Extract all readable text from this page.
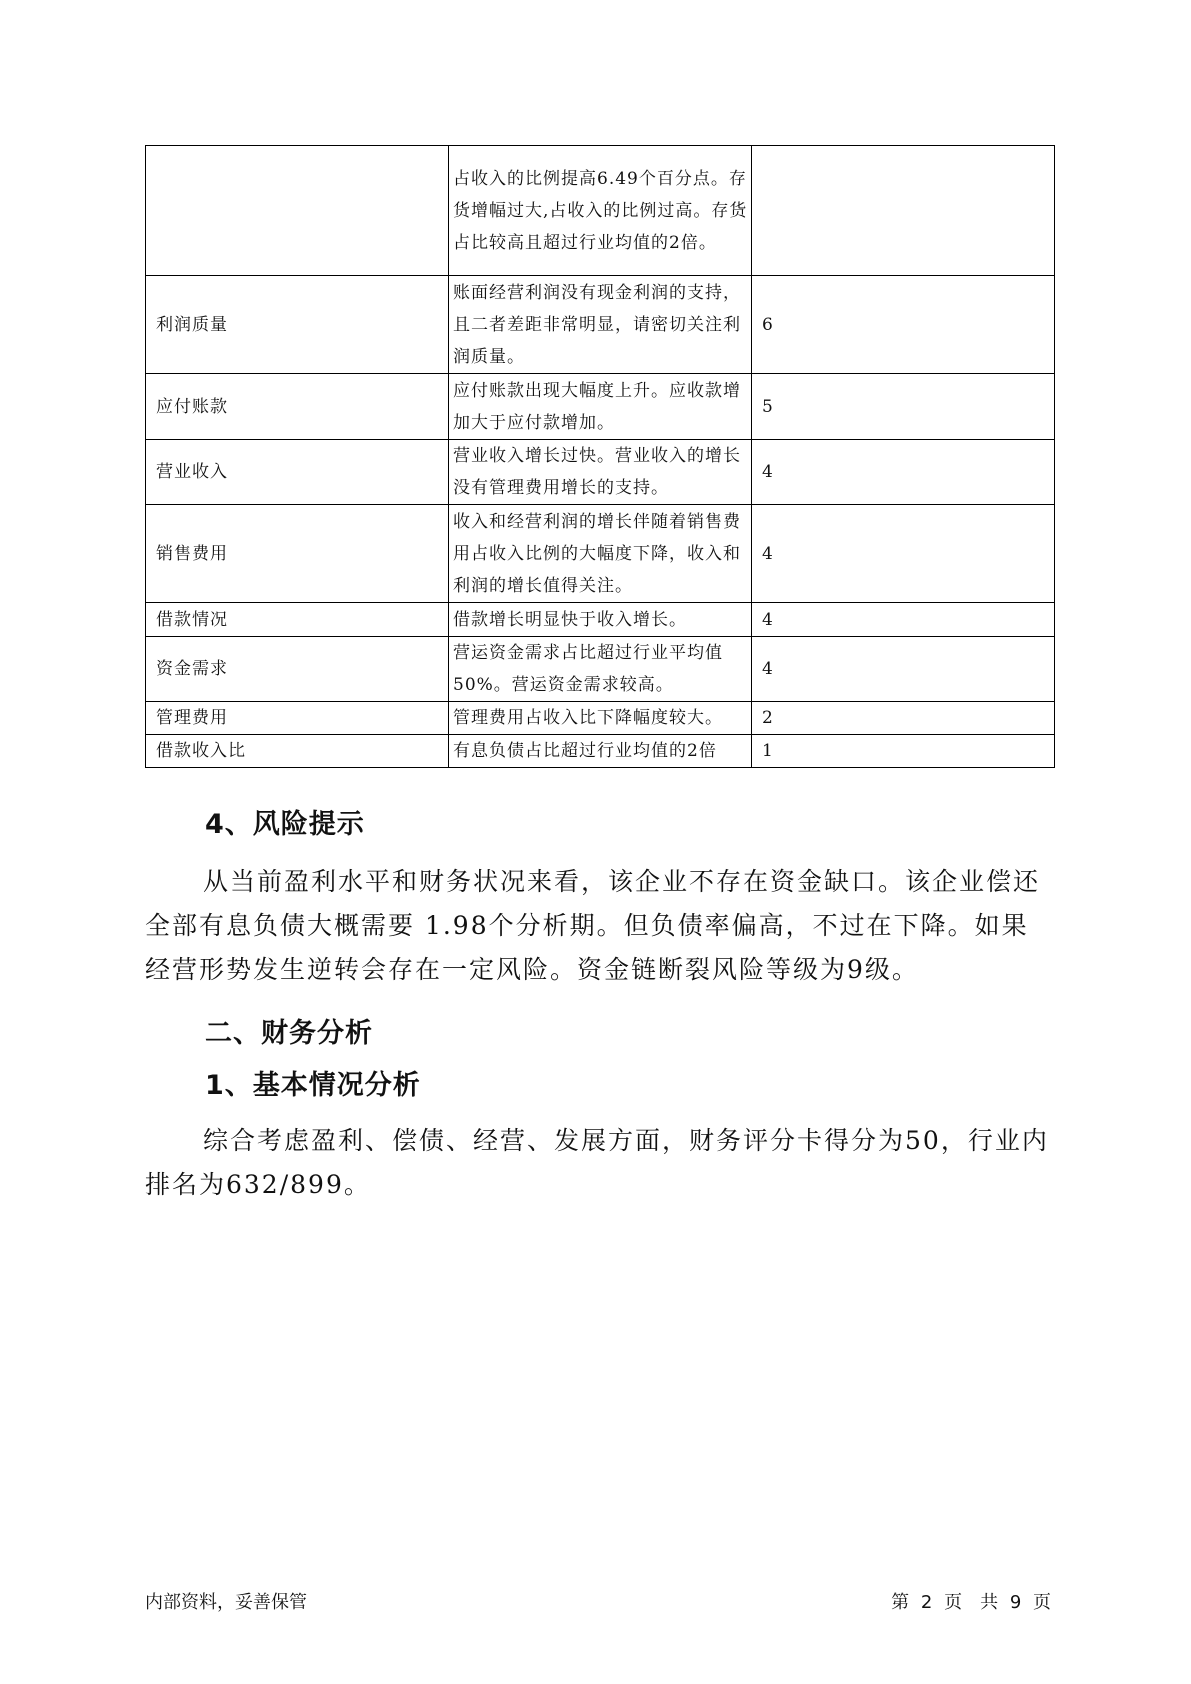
	占收入的比例提高6.49个百分点。存货增幅过大,占收入的比例过高。存货占比较高且超过行业均值的2倍。	
利润质量	账面经营利润没有现金利润的支持，且二者差距非常明显，请密切关注利润质量。	6
应付账款	应付账款出现大幅度上升。应收款增加大于应付款增加。	5
营业收入	营业收入增长过快。营业收入的增长没有管理费用增长的支持。	4
销售费用	收入和经营利润的增长伴随着销售费用占收入比例的大幅度下降，收入和利润的增长值得关注。	4
借款情况	借款增长明显快于收入增长。	4
资金需求	营运资金需求占比超过行业平均值50%。营运资金需求较高。	4
管理费用	管理费用占收入比下降幅度较大。	2
借款收入比	有息负债占比超过行业均值的2倍	1
4、风险提示
从当前盈利水平和财务状况来看，该企业不存在资金缺口。该企业偿还全部有息负债大概需要 1.98个分析期。但负债率偏高，不过在下降。如果经营形势发生逆转会存在一定风险。资金链断裂风险等级为9级。
二、财务分析
1、基本情况分析
综合考虑盈利、偿债、经营、发展方面，财务评分卡得分为50，行业内排名为632/899。
内部资料，妥善保管	第 2 页　共 9 页
